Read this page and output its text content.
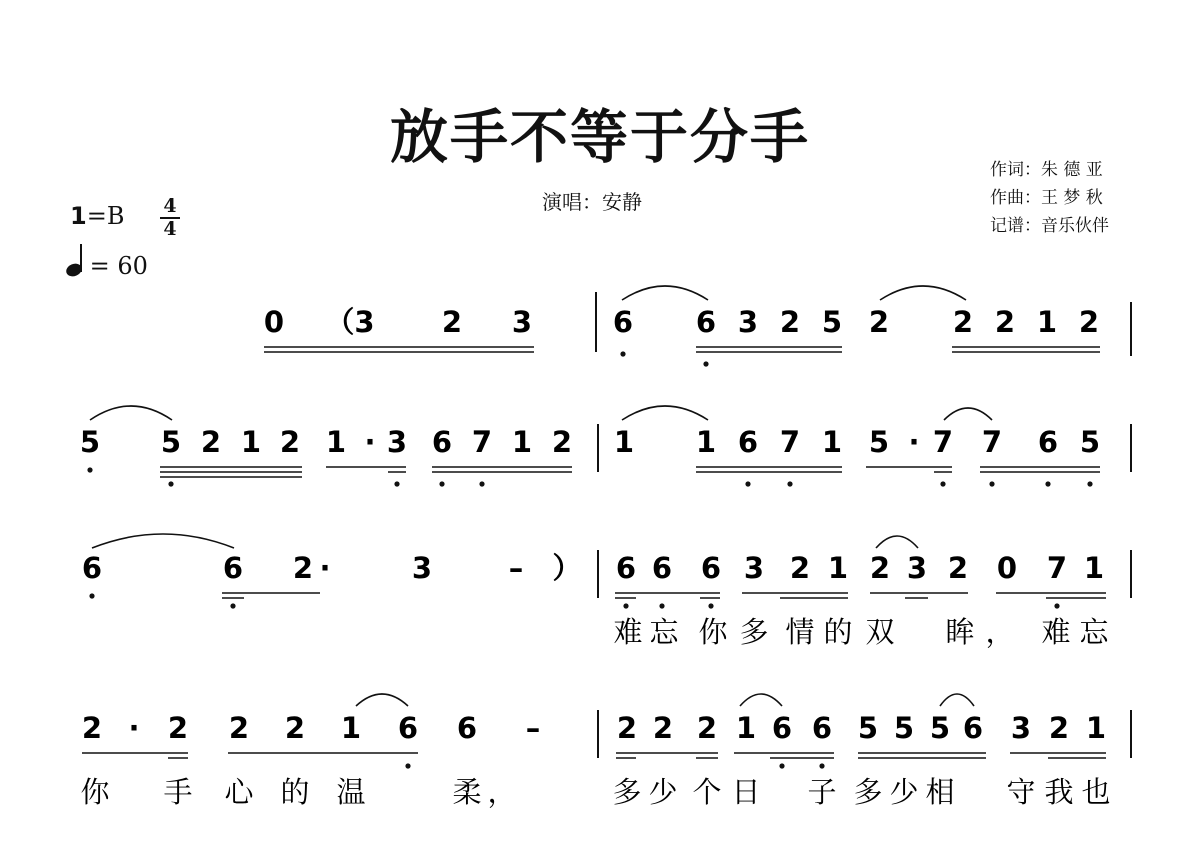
放手不等于分手
演唱：安静
作词：朱 德 亚
作曲：王 梦 秋
记谱：音乐伙伴
1=B 4
4
= 60
0 （3 2 3	6 6 3 2 5 2 2 2 1 2
5 5 2 1 2 1 · 3 6 7 1 2 1 1 6 7 1 5 · 7 7 6 5
6	6 2 ·	3	– ） 6 6 6 3 2 1 2 3 2 0 7 1
难 忘 你 多 情 的 双 眸 ， 难 忘
2 · 2 2 2 1 6 6 –	2 2 2 1 6 6 5 5 5 6 3 2 1
你 手 心 的 温	柔 ，	多 少 个 日 子 多 少 相 守 我 也
